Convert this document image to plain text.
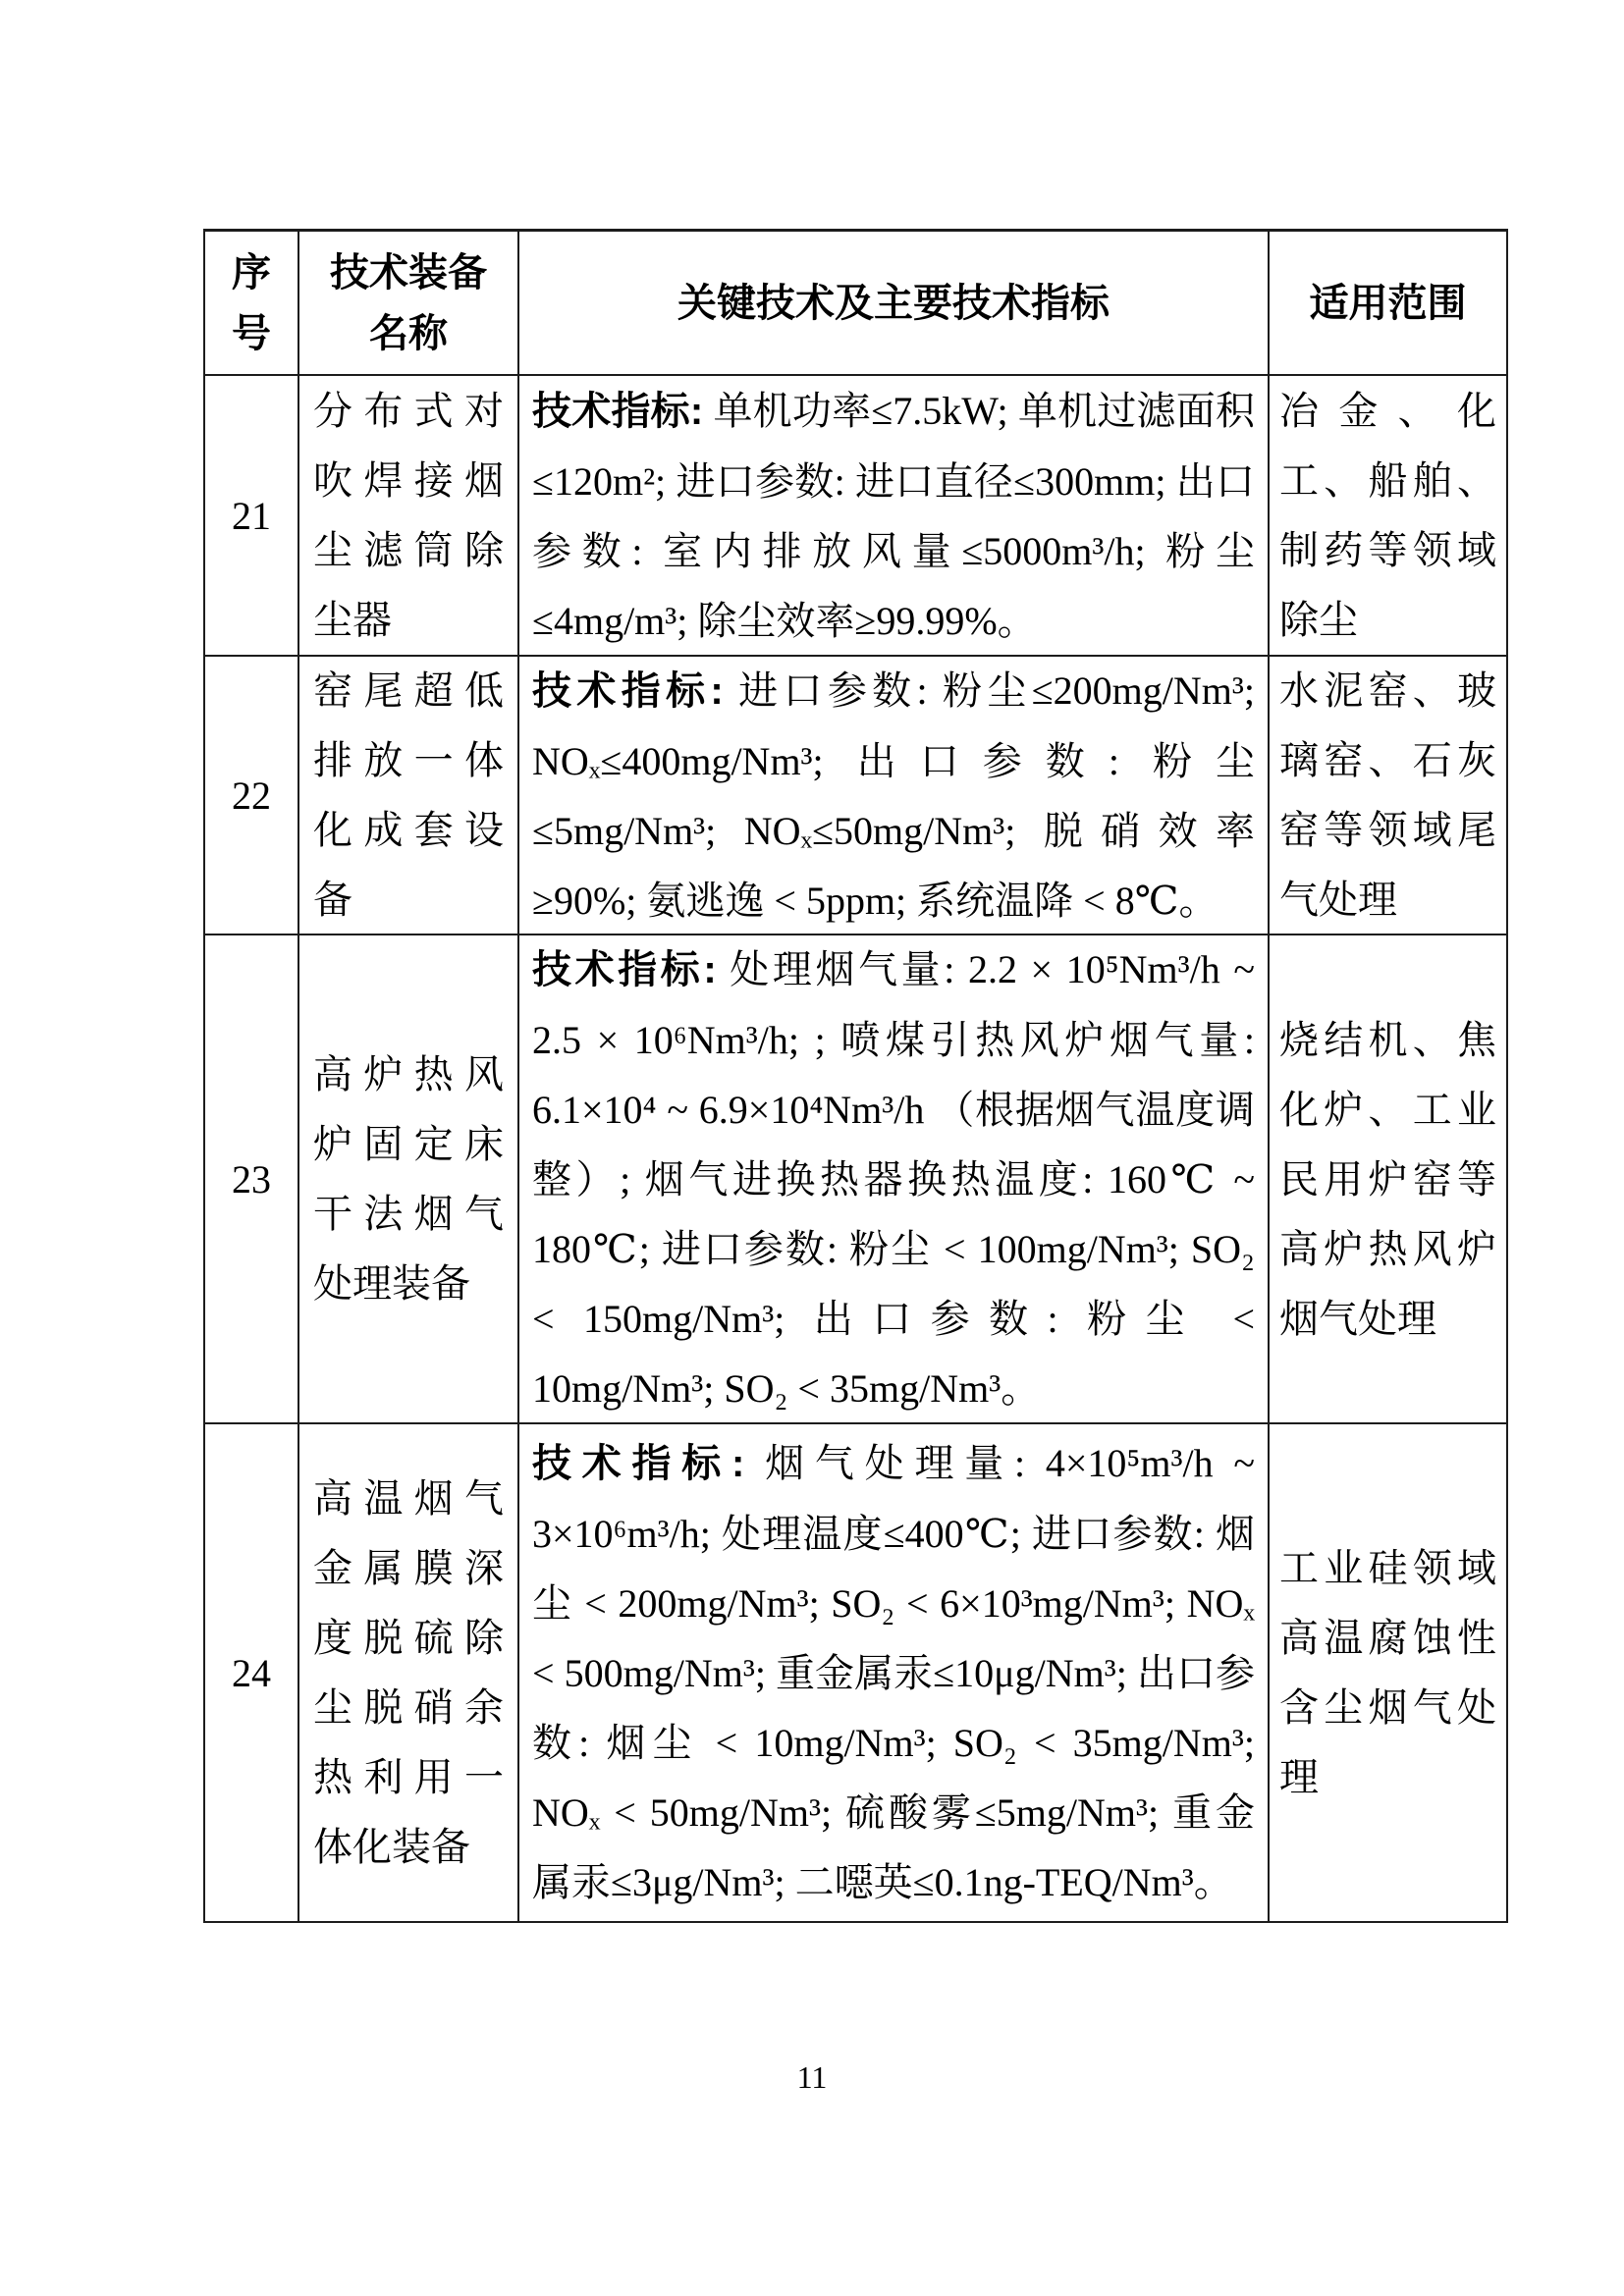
序号
技术装备名称
关键技术及主要技术指标	适用范围
21
分布式对吹焊接烟尘滤筒除尘器
技术指标: 单机功率≤7.5kW; 单机过滤面积≤120m²; 进口参数: 进口直径≤300mm; 出口参数: 室内排放风量≤5000m³/h; 粉尘≤4mg/m³; 除尘效率≥99.99%。
冶金、化工、船舶、制药等领域除尘
22
窑尾超低排放一体化成套设备
技术指标: 进口参数: 粉尘≤200mg/Nm³; NOₓ≤400mg/Nm³; 出口参数: 粉尘≤5mg/Nm³; NOₓ≤50mg/Nm³; 脱硝效率≥90%; 氨逃逸 < 5ppm; 系统温降 < 8℃。
水泥窑、玻璃窑、石灰窑等领域尾气处理
23
高炉热风炉固定床干法烟气处理装备
技术指标: 处理烟气量: 2.2 × 10⁵Nm³/h ~ 2.5 × 10⁶Nm³/h; ; 喷煤引热风炉烟气量: 6.1×10⁴ ~ 6.9×10⁴Nm³/h （根据烟气温度调整）; 烟气进换热器换热温度: 160℃ ~ 180℃; 进口参数: 粉尘 < 100mg/Nm³; SO₂ < 150mg/Nm³; 出口参数: 粉尘 < 10mg/Nm³; SO₂ < 35mg/Nm³。
烧结机、焦化炉、工业民用炉窑等高炉热风炉烟气处理
24
高温烟气金属膜深度脱硫除尘脱硝余热利用一体化装备
技术指标: 烟气处理量: 4×10⁵m³/h ~ 3×10⁶m³/h; 处理温度≤400℃; 进口参数: 烟尘 < 200mg/Nm³; SO₂ < 6×10³mg/Nm³; NOₓ < 500mg/Nm³; 重金属汞≤10μg/Nm³; 出口参数: 烟尘 < 10mg/Nm³; SO₂ < 35mg/Nm³; NOₓ < 50mg/Nm³; 硫酸雾≤5mg/Nm³; 重金属汞≤3μg/Nm³; 二噁英≤0.1ng-TEQ/Nm³。
工业硅领域高温腐蚀性含尘烟气处理
11
